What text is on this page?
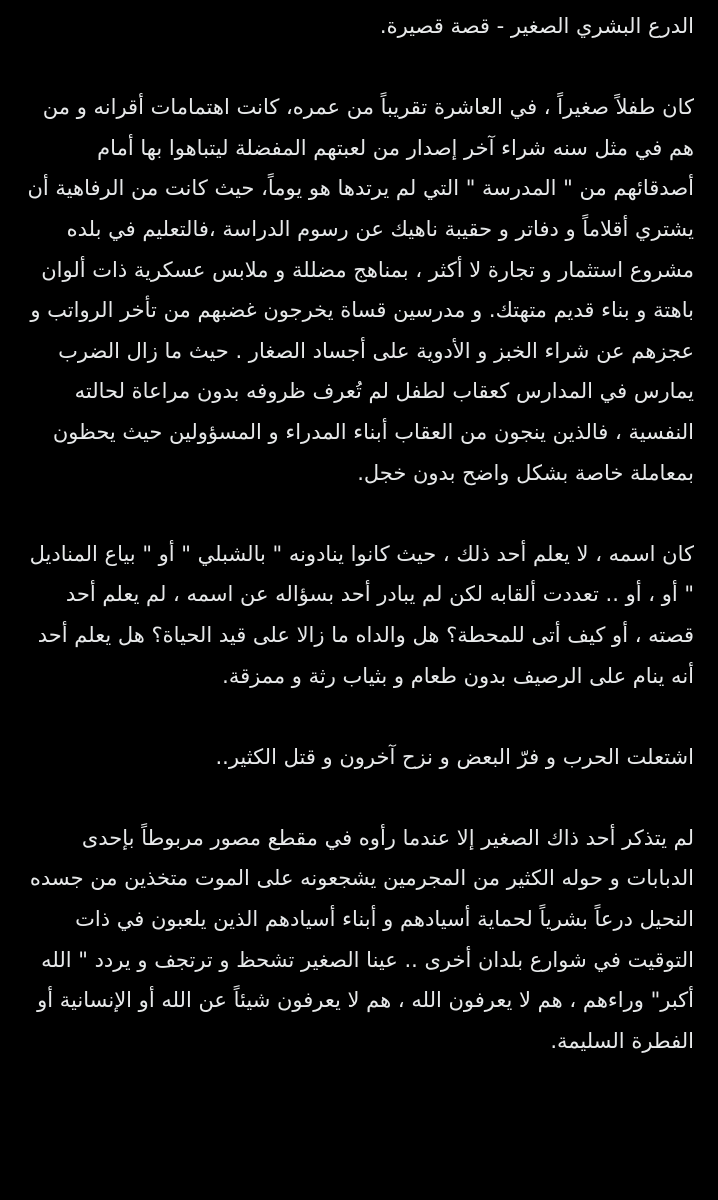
الدرع البشري الصغير - قصة قصيرة.

كان طفلاً صغيراً ، في العاشرة تقريباً من عمره، كانت اهتمامات أقرانه و من هم في مثل سنه شراء آخر إصدار من لعبتهم المفضلة ليتباهوا بها أمام أصدقائهم من " المدرسة " التي لم يرتدها هو يوماً، حيث كانت من الرفاهية أن يشتري أقلاماً و دفاتر و حقيبة ناهيك عن رسوم الدراسة ،فالتعليم في بلده مشروع استثمار و تجارة لا أكثر ، بمناهج مضللة و ملابس عسكرية ذات ألوان باهتة و بناء قديم متهتك. و مدرسين قساة يخرجون غضبهم من تأخر الرواتب و عجزهم عن شراء الخبز و الأدوية على أجساد الصغار . حيث ما زال الضرب يمارس في المدارس كعقاب لطفل لم تُعرف ظروفه بدون مراعاة لحالته النفسية ، فالذين ينجون من العقاب أبناء المدراء و المسؤولين حيث يحظون بمعاملة خاصة بشكل واضح بدون خجل.

كان اسمه ، لا يعلم أحد ذلك ، حيث كانوا ينادونه " بالشبلي " أو " بياع المناديل " أو ، أو .. تعددت ألقابه لكن لم يبادر أحد بسؤاله عن اسمه ، لم يعلم أحد قصته ، أو كيف أتى للمحطة؟ هل والداه ما زالا على قيد الحياة؟ هل يعلم أحد أنه ينام على الرصيف بدون طعام و بثياب رثة و ممزقة.

اشتعلت الحرب و فرّ البعض و نزح آخرون و قتل الكثير..

لم يتذكر أحد ذاك الصغير إلا عندما رأوه في مقطع مصور مربوطاً بإحدى الدبابات و حوله الكثير من المجرمين يشجعونه على الموت متخذين من جسده النحيل درعاً بشرياً لحماية أسيادهم و أبناء أسيادهم الذين يلعبون في ذات التوقيت في شوارع بلدان أخرى .. عينا الصغير تشحظ و ترتجف و يردد " الله أكبر" وراءهم ، هم لا يعرفون الله ، هم لا يعرفون شيئاً عن الله أو الإنسانية أو الفطرة السليمة.
